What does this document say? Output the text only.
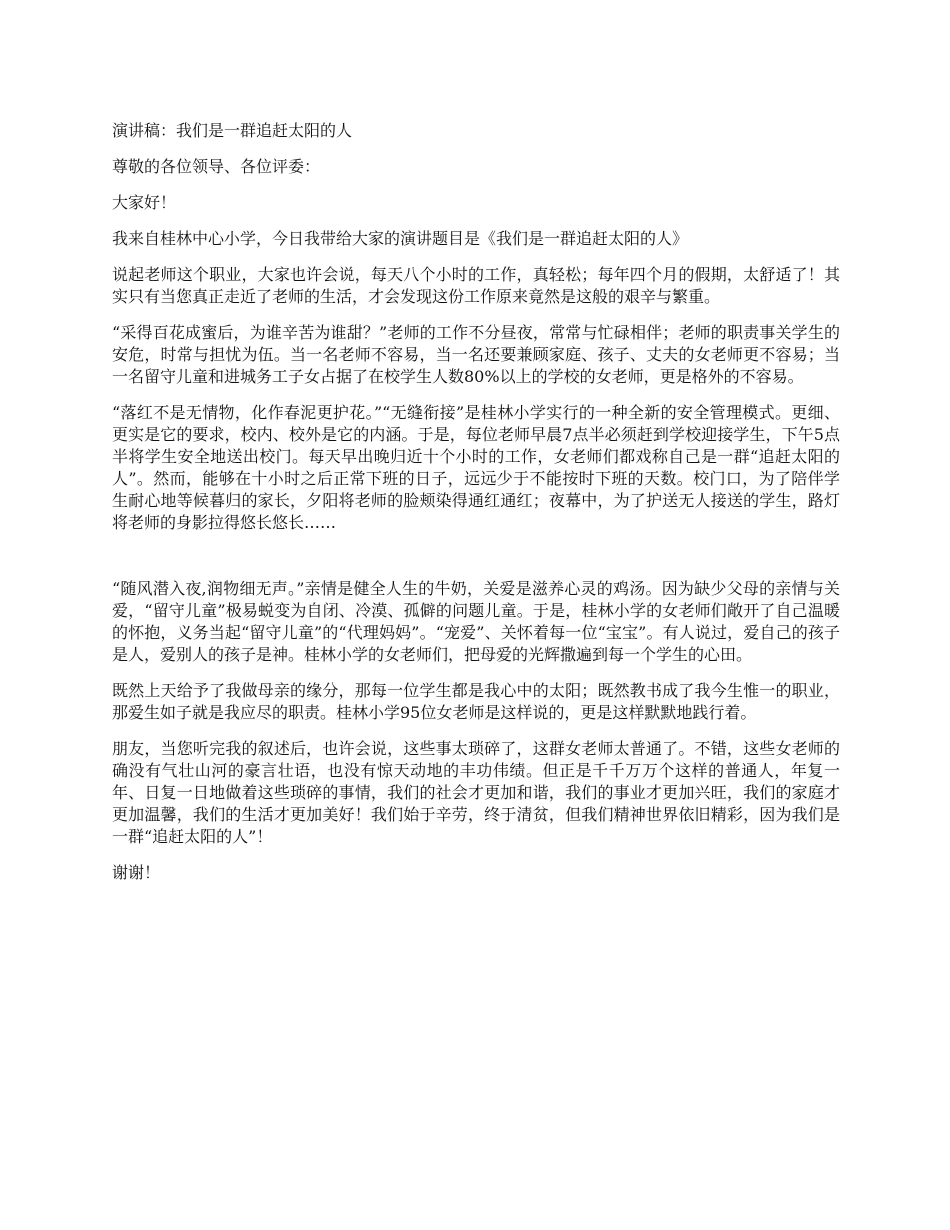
演讲稿：我们是一群追赶太阳的人

尊敬的各位领导、各位评委：

大家好！

我来自桂林中心小学，今日我带给大家的演讲题目是《我们是一群追赶太阳的人》

说起老师这个职业，大家也许会说，每天八个小时的工作，真轻松；每年四个月的假期，太舒适了！其实只有当您真正走近了老师的生活，才会发现这份工作原来竟然是这般的艰辛与繁重。

“采得百花成蜜后，为谁辛苦为谁甜？”老师的工作不分昼夜，常常与忙碌相伴；老师的职责事关学生的安危，时常与担忧为伍。当一名老师不容易，当一名还要兼顾家庭、孩子、丈夫的女老师更不容易；当一名留守儿童和进城务工子女占据了在校学生人数80%以上的学校的女老师，更是格外的不容易。

“落红不是无情物，化作春泥更护花。”“无缝衔接”是桂林小学实行的一种全新的安全管理模式。更细、更实是它的要求，校内、校外是它的内涵。于是，每位老师早晨7点半必须赶到学校迎接学生，下午5点半将学生安全地送出校门。每天早出晚归近十个小时的工作，女老师们都戏称自己是一群“追赶太阳的人”。然而，能够在十小时之后正常下班的日子，远远少于不能按时下班的天数。校门口，为了陪伴学生耐心地等候暮归的家长，夕阳将老师的脸颊染得通红通红；夜幕中，为了护送无人接送的学生，路灯将老师的身影拉得悠长悠长……

“随风潜入夜,润物细无声。”亲情是健全人生的牛奶，关爱是滋养心灵的鸡汤。因为缺少父母的亲情与关爱，“留守儿童”极易蜕变为自闭、冷漠、孤僻的问题儿童。于是，桂林小学的女老师们敞开了自己温暖的怀抱，义务当起“留守儿童”的“代理妈妈”。“宠爱”、关怀着每一位“宝宝”。有人说过，爱自己的孩子是人，爱别人的孩子是神。桂林小学的女老师们，把母爱的光辉撒遍到每一个学生的心田。

既然上天给予了我做母亲的缘分，那每一位学生都是我心中的太阳；既然教书成了我今生惟一的职业，那爱生如子就是我应尽的职责。桂林小学95位女老师是这样说的，更是这样默默地践行着。

朋友，当您听完我的叙述后，也许会说，这些事太琐碎了，这群女老师太普通了。不错，这些女老师的确没有气壮山河的豪言壮语，也没有惊天动地的丰功伟绩。但正是千千万万个这样的普通人，年复一年、日复一日地做着这些琐碎的事情，我们的社会才更加和谐，我们的事业才更加兴旺，我们的家庭才更加温馨，我们的生活才更加美好！我们始于辛劳，终于清贫，但我们精神世界依旧精彩，因为我们是一群“追赶太阳的人”！

谢谢！
